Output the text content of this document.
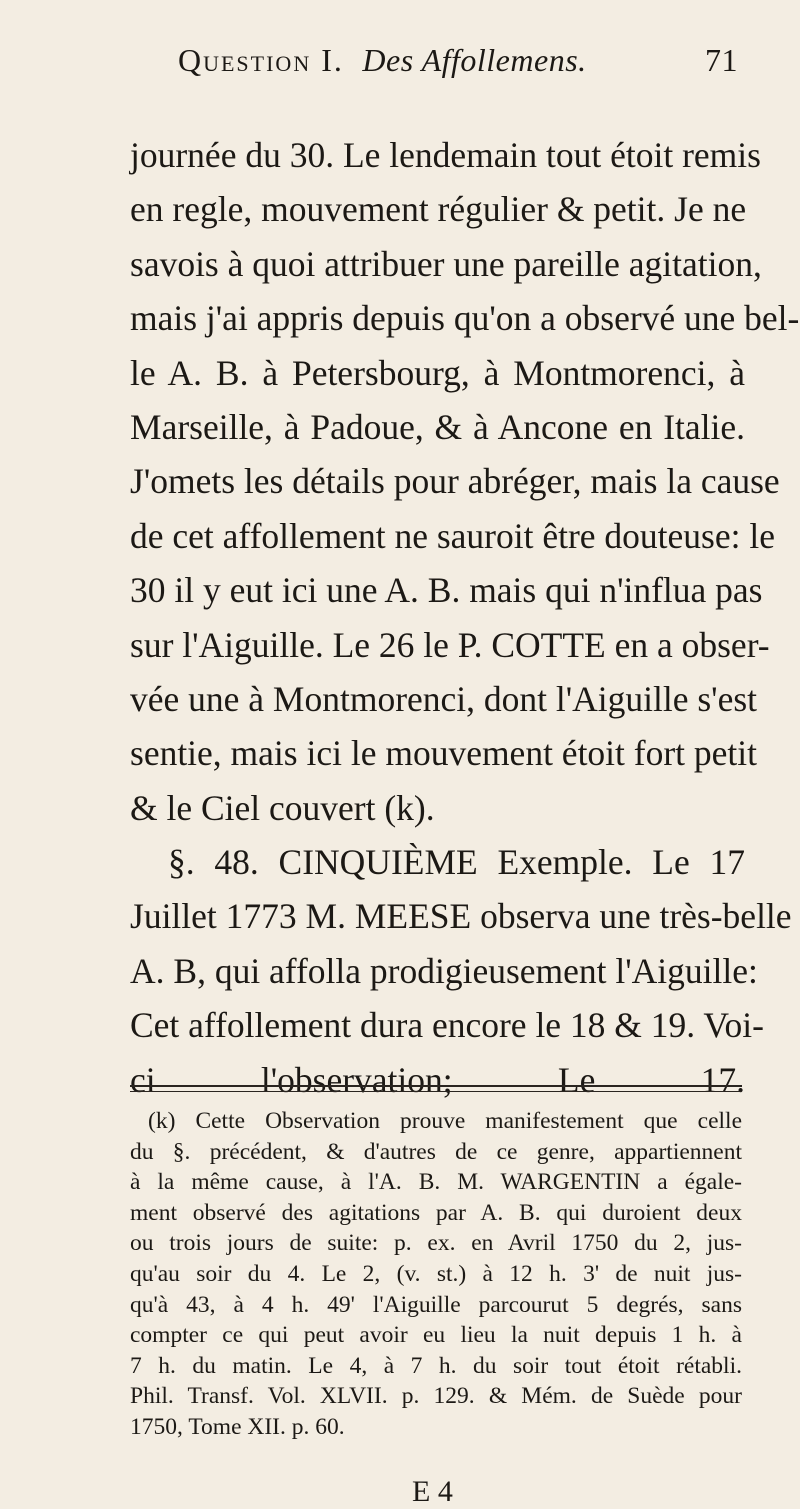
Question I. Des Affollemens.	71
journée du 30. Le lendemain tout étoit remis
en regle, mouvement régulier & petit. Je ne
savois à quoi attribuer une pareille agitation,
mais j'ai appris depuis qu'on a observé une bel-
le A. B. à Petersbourg, à Montmorenci, à
Marseille, à Padoue, & à Ancone en Italie.
J'omets les détails pour abréger, mais la cause
de cet affollement ne sauroit être douteuse: le
30 il y eut ici une A. B. mais qui n'influa pas
sur l'Aiguille. Le 26 le P. COTTE en a obser-
vée une à Montmorenci, dont l'Aiguille s'est
sentie, mais ici le mouvement étoit fort petit
& le Ciel couvert (k).
§. 48. CINQUIÈME Exemple. Le 17
Juillet 1773 M. MEESE observa une très-belle
A. B, qui affolla prodigieusement l'Aiguille:
Cet affollement dura encore le 18 & 19. Voi-
ci l'observation; Le 17.
(k) Cette Observation prouve manifestement que celle
du §. précédent, & d'autres de ce genre, appartiennent
à la même cause, à l'A. B. M. WARGENTIN a égale-
ment observé des agitations par A. B. qui duroient deux
ou trois jours de suite: p. ex. en Avril 1750 du 2, jus-
qu'au soir du 4. Le 2, (v. st.) à 12 h. 3' de nuit jus-
qu'à 43, à 4 h. 49' l'Aiguille parcourut 5 degrés, sans
compter ce qui peut avoir eu lieu la nuit depuis 1 h. à
7 h. du matin. Le 4, à 7 h. du soir tout étoit rétabli.
Phil. Transf. Vol. XLVII. p. 129. & Mém. de Suède pour
1750, Tome XII. p. 60.
E 4
